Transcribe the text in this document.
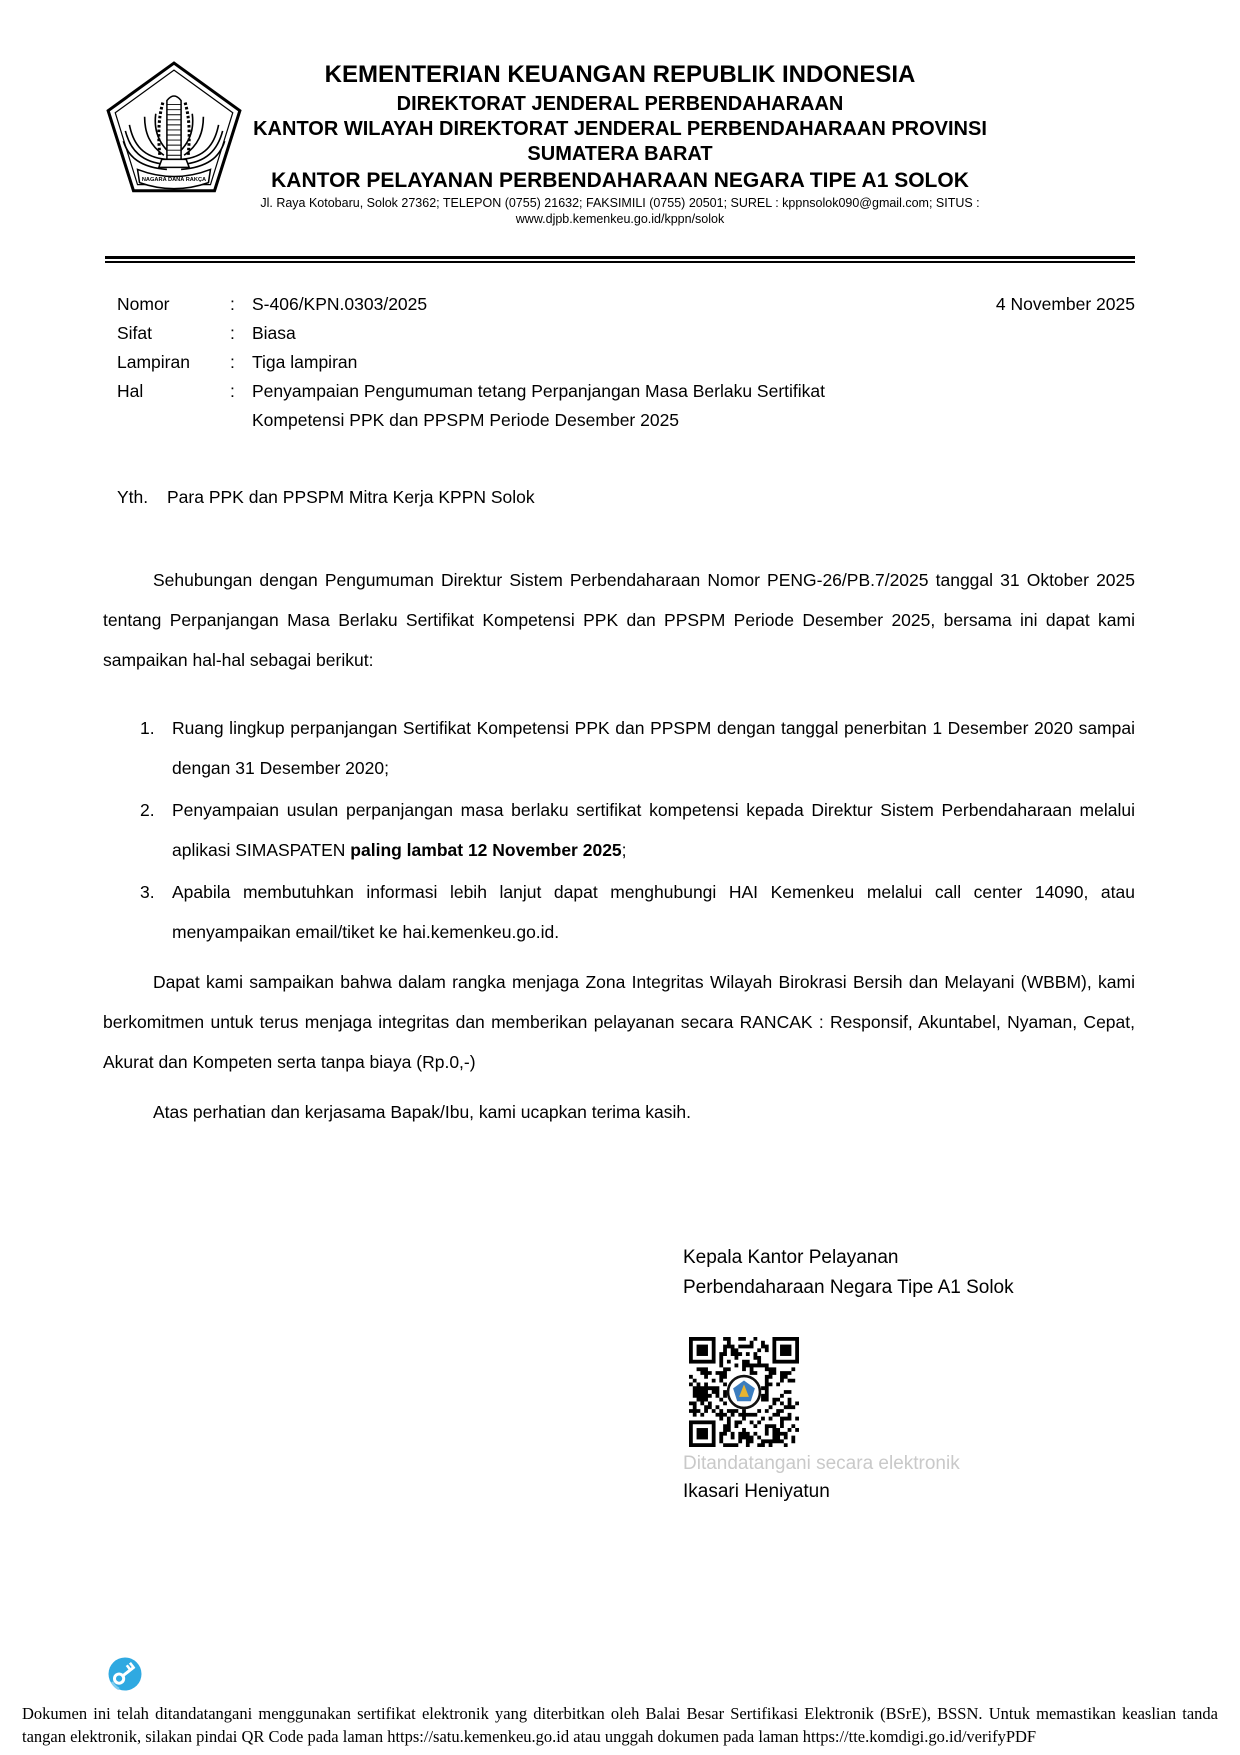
NAGARA DANA RAKÇA
KEMENTERIAN KEUANGAN REPUBLIK INDONESIA
DIREKTORAT JENDERAL PERBENDAHARAAN
KANTOR WILAYAH DIREKTORAT JENDERAL PERBENDAHARAAN PROVINSI
SUMATERA BARAT
KANTOR PELAYANAN PERBENDAHARAAN NEGARA TIPE A1 SOLOK
Jl. Raya Kotobaru, Solok 27362; TELEPON (0755) 21632; FAKSIMILI (0755) 20501; SUREL : kppnsolok090@gmail.com; SITUS :
www.djpb.kemenkeu.go.id/kppn/solok
4 November 2025
Nomor	: S-406/KPN.0303/2025
Sifat	: Biasa
Lampiran	: Tiga lampiran
Hal	: Penyampaian Pengumuman tetang Perpanjangan Masa Berlaku Sertifikat Kompetensi PPK dan PPSPM Periode Desember 2025
Yth.	Para PPK dan PPSPM Mitra Kerja KPPN Solok

Sehubungan dengan Pengumuman Direktur Sistem Perbendaharaan Nomor PENG-26/PB.7/2025 tanggal 31 Oktober 2025 tentang Perpanjangan Masa Berlaku Sertifikat Kompetensi PPK dan PPSPM Periode Desember 2025, bersama ini dapat kami sampaikan hal-hal sebagai berikut:

1. Ruang lingkup perpanjangan Sertifikat Kompetensi PPK dan PPSPM dengan tanggal penerbitan 1 Desember 2020 sampai dengan 31 Desember 2020;
2. Penyampaian usulan perpanjangan masa berlaku sertifikat kompetensi kepada Direktur Sistem Perbendaharaan melalui aplikasi SIMASPATEN paling lambat 12 November 2025;
3. Apabila membutuhkan informasi lebih lanjut dapat menghubungi HAI Kemenkeu melalui call center 14090, atau menyampaikan email/tiket ke hai.kemenkeu.go.id.

Dapat kami sampaikan bahwa dalam rangka menjaga Zona Integritas Wilayah Birokrasi Bersih dan Melayani (WBBM), kami berkomitmen untuk terus menjaga integritas dan memberikan pelayanan secara RANCAK : Responsif, Akuntabel, Nyaman, Cepat, Akurat dan Kompeten serta tanpa biaya (Rp.0,-)

Atas perhatian dan kerjasama Bapak/Ibu, kami ucapkan terima kasih.

Kepala Kantor Pelayanan
Perbendaharaan Negara Tipe A1 Solok
Ditandatangani secara elektronik
Ikasari Heniyatun
Dokumen ini telah ditandatangani menggunakan sertifikat elektronik yang diterbitkan oleh Balai Besar Sertifikasi Elektronik (BSrE), BSSN. Untuk memastikan keaslian tanda tangan elektronik, silakan pindai QR Code pada laman https://satu.kemenkeu.go.id atau unggah dokumen pada laman https://tte.komdigi.go.id/verifyPDF
